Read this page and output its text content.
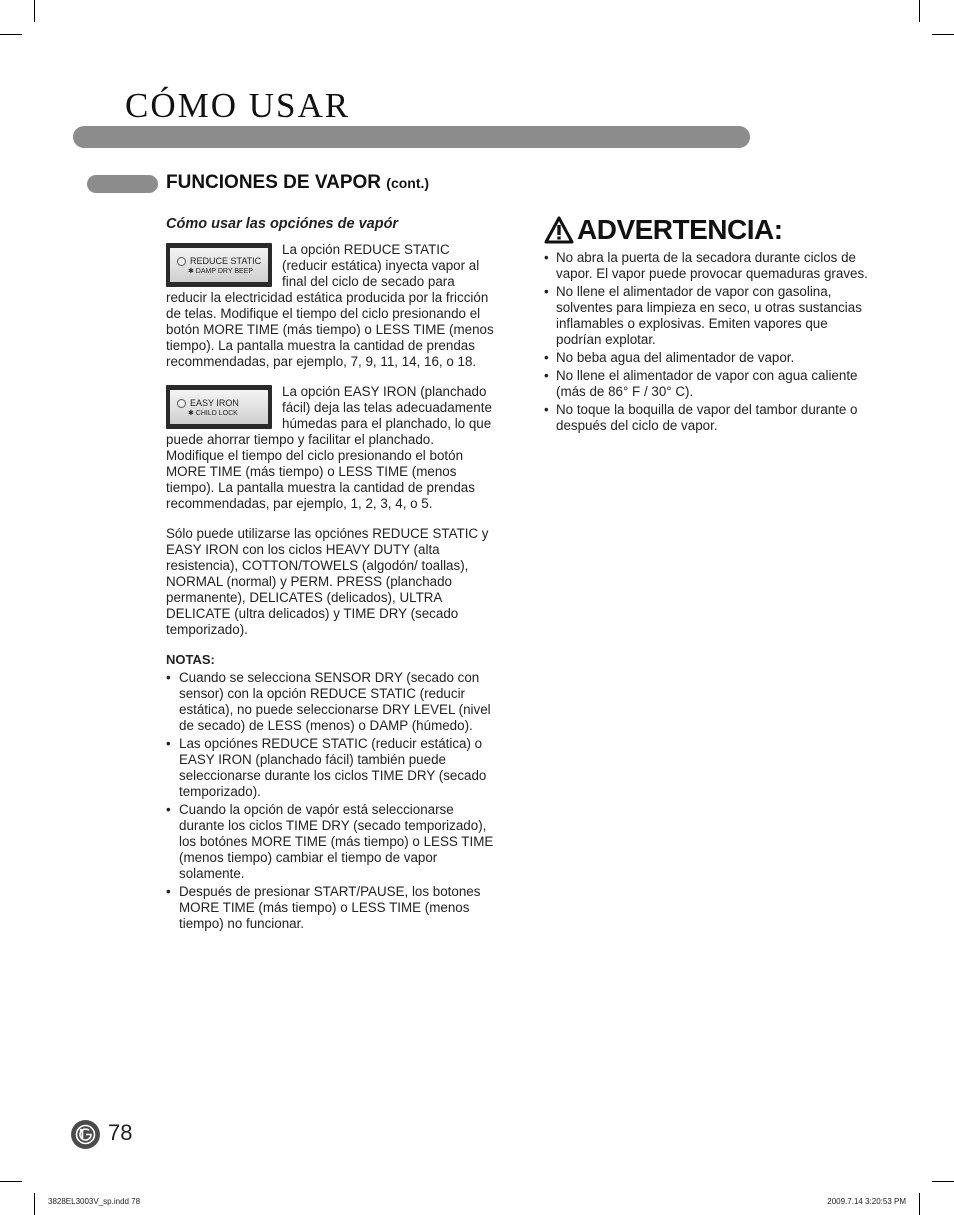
CÓMO USAR
FUNCIONES DE VAPOR (cont.)
Cómo usar las opciónes de vapór
REDUCE STATIC
✱ DAMP DRY BEEP
La opción REDUCE STATIC (reducir estática) inyecta vapor al final del ciclo de secado para reducir la electricidad estática producida por la fricción de telas. Modifique el tiempo del ciclo presionando el botón MORE TIME (más tiempo) o LESS TIME (menos tiempo). La pantalla muestra la cantidad de prendas recommendadas, par ejemplo, 7, 9, 11, 14, 16, o 18.
EASY IRON
✱ CHILD LOCK
La opción EASY IRON (planchado fácil) deja las telas adecuadamente húmedas para el planchado, lo que puede ahorrar tiempo y facilitar el planchado. Modifique el tiempo del ciclo presionando el botón MORE TIME (más tiempo) o LESS TIME (menos tiempo). La pantalla muestra la cantidad de prendas recommendadas, par ejemplo, 1, 2, 3, 4, o 5.

Sólo puede utilizarse las opciónes REDUCE STATIC y EASY IRON con los ciclos HEAVY DUTY (alta resistencia), COTTON/TOWELS (algodón/ toallas), NORMAL (normal) y PERM. PRESS (planchado permanente), DELICATES (delicados), ULTRA DELICATE (ultra delicados) y TIME DRY (secado temporizado).

NOTAS:
• Cuando se selecciona SENSOR DRY (secado con sensor) con la opción REDUCE STATIC (reducir estática), no puede seleccionarse DRY LEVEL (nivel de secado) de LESS (menos) o DAMP (húmedo).
• Las opciónes REDUCE STATIC (reducir estática) o EASY IRON (planchado fácil) también puede seleccionarse durante los ciclos TIME DRY (secado temporizado).
• Cuando la opción de vapór está seleccionarse durante los ciclos TIME DRY (secado temporizado), los botónes MORE TIME (más tiempo) o LESS TIME (menos tiempo) cambiar el tiempo de vapor solamente.
• Después de presionar START/PAUSE, los botones MORE TIME (más tiempo) o LESS TIME (menos tiempo) no funcionar.
ADVERTENCIA:
• No abra la puerta de la secadora durante ciclos de vapor. El vapor puede provocar quemaduras graves.
• No llene el alimentador de vapor con gasolina, solventes para limpieza en seco, u otras sustancias inflamables o explosivas. Emiten vapores que podrían explotar.
• No beba agua del alimentador de vapor.
• No llene el alimentador de vapor con agua caliente (más de 86° F / 30° C).
• No toque la boquilla de vapor del tambor durante o después del ciclo de vapor.
78
3828EL3003V_sp.indd 78	2009.7.14 3:20:53 PM
